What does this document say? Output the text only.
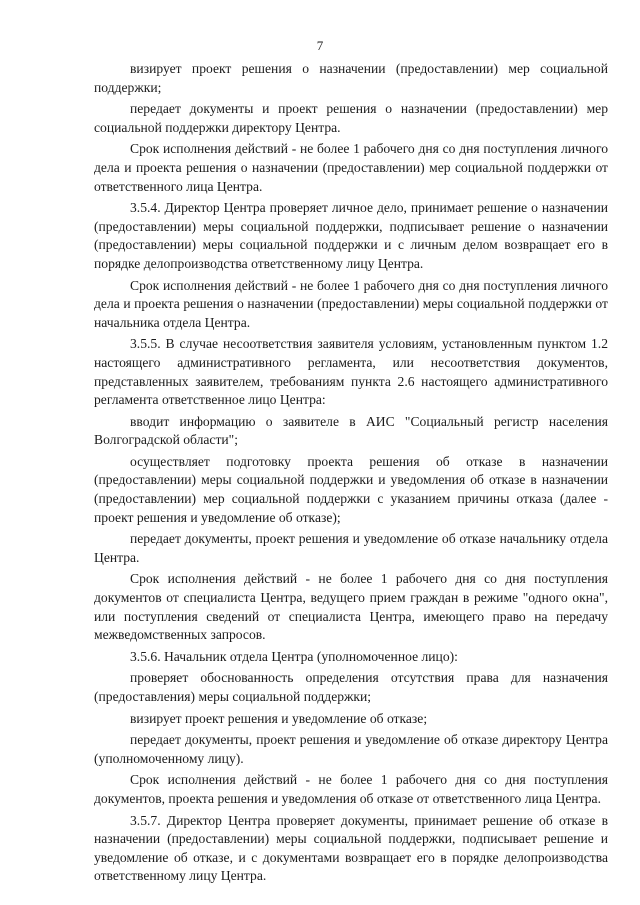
7

визирует проект решения о назначении (предоставлении) мер социальной поддержки;

передает документы и проект решения о назначении (предоставлении) мер социальной поддержки директору Центра.

Срок исполнения действий - не более 1 рабочего дня со дня поступления личного дела и проекта решения о назначении (предоставлении) мер социальной поддержки от ответственного лица Центра.

3.5.4. Директор Центра проверяет личное дело, принимает решение о назначении (предоставлении) меры социальной поддержки, подписывает решение о назначении (предоставлении) меры социальной поддержки и с личным делом возвращает его в порядке делопроизводства ответственному лицу Центра.

Срок исполнения действий - не более 1 рабочего дня со дня поступления личного дела и проекта решения о назначении (предоставлении) меры социальной поддержки от начальника отдела Центра.

3.5.5. В случае несоответствия заявителя условиям, установленным пунктом 1.2 настоящего административного регламента, или несоответствия документов, представленных заявителем, требованиям пункта 2.6 настоящего административного регламента ответственное лицо Центра:

вводит информацию о заявителе в АИС "Социальный регистр населения Волгоградской области";

осуществляет подготовку проекта решения об отказе в назначении (предоставлении) меры социальной поддержки и уведомления об отказе в назначении (предоставлении) мер социальной поддержки с указанием причины отказа (далее - проект решения и уведомление об отказе);

передает документы, проект решения и уведомление об отказе начальнику отдела Центра.

Срок исполнения действий - не более 1 рабочего дня со дня поступления документов от специалиста Центра, ведущего прием граждан в режиме "одного окна", или поступления сведений от специалиста Центра, имеющего право на передачу межведомственных запросов.

3.5.6. Начальник отдела Центра (уполномоченное лицо):

проверяет обоснованность определения отсутствия права для назначения (предоставления) меры социальной поддержки;

визирует проект решения и уведомление об отказе;

передает документы, проект решения и уведомление об отказе директору Центра (уполномоченному лицу).

Срок исполнения действий - не более 1 рабочего дня со дня поступления документов, проекта решения и уведомления об отказе от ответственного лица Центра.

3.5.7. Директор Центра проверяет документы, принимает решение об отказе в назначении (предоставлении) меры социальной поддержки, подписывает решение и уведомление об отказе, и с документами возвращает его в порядке делопроизводства ответственному лицу Центра.
